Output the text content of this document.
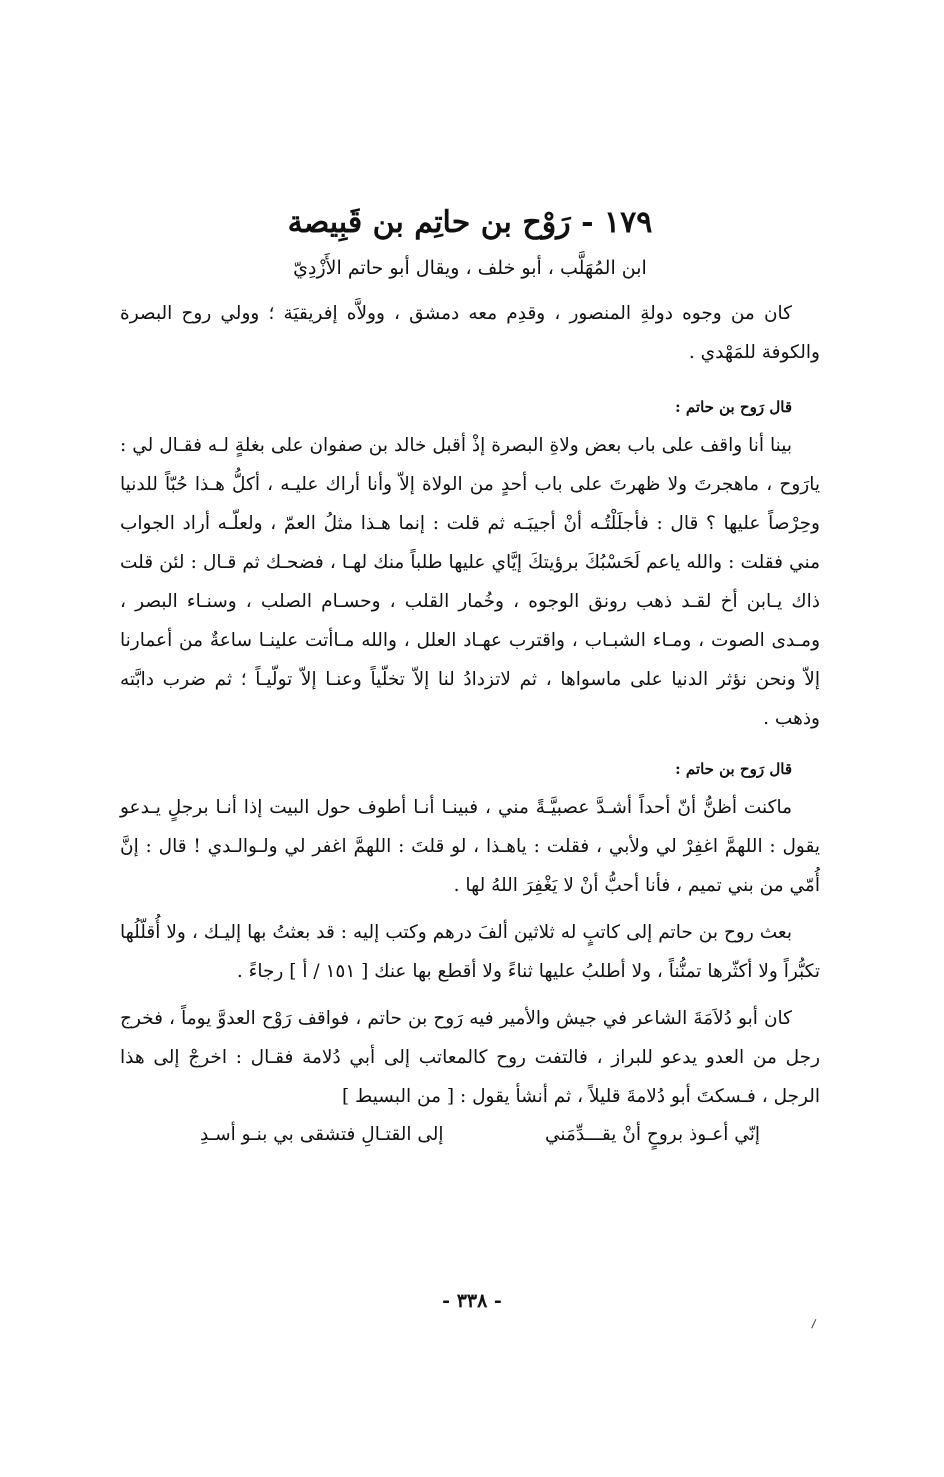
١٧٩ - رَوْح بن حاتِم بن قَبِيصة

ابن المُهَلَّب ، أبو خلف ، ويقال أبو حاتم الأَزْدِيّ

كان من وجوه دولةِ المنصور ، وقدِم معه دمشق ، وولاَّه إفريقيَة ؛ وولي روح البصرة والكوفة للمَهْدي .

قال رَوح بن حاتم :

بينا أنا واقف على باب بعض ولاةِ البصرة إذْ أقبل خالد بن صفوان على بغلةٍ لـه فقـال لي : يارَوح ، ماهجرتَ ولا ظهرتَ على باب أحدٍ من الولاة إلاّ وأنا أراك عليـه ، أكلُّ هـذا حُبّاً للدنيا وحِرْصاً عليها ؟ قال : فأجلَلْتُـه أنْ أجيبَـه ثم قلت : إنما هـذا مثلُ العمّ ، ولعلّـه أراد الجواب مني فقلت : والله ياعم لَحَسْبُكَ برؤيتكَ إيَّاي عليها طلباً منك لهـا ، فضحـك ثم قـال : لئن قلت ذاك يـابن أخ لقـد ذهب رونق الوجوه ، وخُمار القلب ، وحسـام الصلب ، وسنـاء البصر ، ومـدى الصوت ، ومـاء الشبـاب ، واقترب عهـاد العلل ، والله مـاأتت علينـا ساعةٌ من أعمارنا إلاّ ونحن نؤثر الدنيا على ماسواها ، ثم لاتزدادُ لنا إلاّ تخلّياً وعنـا إلاّ تولّيـاً ؛ ثم ضرب دابَّته وذهب .

قال رَوح بن حاتم :

ماكنت أظنُّ أنّ أحداً أشـدَّ عصبيَّـةً مني ، فبينـا أنـا أطوف حول البيت إذا أنـا برجلٍ يـدعو يقول : اللهمَّ اغفِرْ لي ولأبي ، فقلت : ياهـذا ، لو قلتَ : اللهمَّ اغفر لي ولـوالـدي ! قال : إنَّ أُمّي من بني تميم ، فأنا أحبُّ أنْ لا يَغْفِرَ اللهُ لها .

بعث روح بن حاتم إلى كاتبٍ له ثلاثين ألفَ درهم وكتب إليه : قد بعثتُ بها إليـك ، ولا أُقلّلُها تكبُّراً ولا أكثّرها تمنُّناً ، ولا أطلبُ عليها ثناءً ولا أقطع بها عنك [ ١٥١ / أ ] رجاءً .

كان أبو دُلاَمَةَ الشاعر في جيش والأمير فيه رَوح بن حاتم ، فواقف رَوْح العدوَّ يوماً ، فخرج رجل من العدو يدعو للبراز ، فالتفت روح كالمعاتب إلى أبي دُلامة فقـال : اخرجْ إلى هذا الرجل ، فـسكتَ أبو دُلامةَ قليلاً ، ثم أنشأ يقول : [ من البسيط ]

إنّي أعـوذ بروحٍ أنْ يقـــدِّمَني
إلى القتـالِ فتشقى بي بنـو أسـدِ
- ٣٣٨ -
